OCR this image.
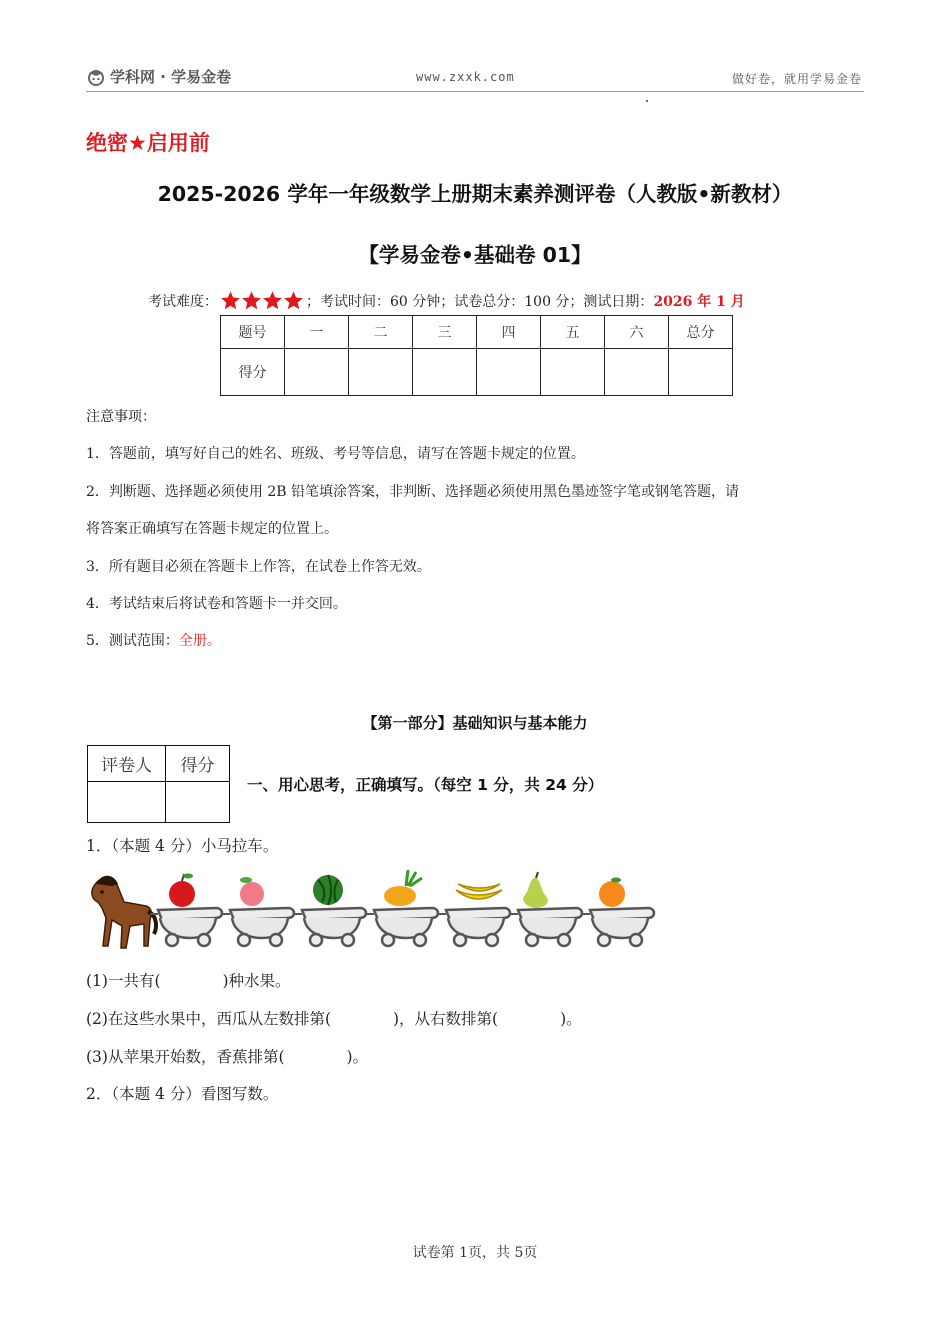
学科网 · 学易金卷	www.zxxk.com	做好卷，就用学易金卷
绝密★启用前
2025-2026 学年一年级数学上册期末素养测评卷（人教版•新教材）
【学易金卷•基础卷 01】
考试难度：	；考试时间：60 分钟；试卷总分：100 分；测试日期： 2026 年 1 月
题号	一	二	三	四	五	六	总分
得分							
注意事项：
1．答题前，填写好自己的姓名、班级、考号等信息，请写在答题卡规定的位置。
2．判断题、选择题必须使用 2B 铅笔填涂答案，非判断、选择题必须使用黑色墨迹签字笔或钢笔答题，请
将答案正确填写在答题卡规定的位置上。
3．所有题目必须在答题卡上作答，在试卷上作答无效。
4．考试结束后将试卷和答题卡一并交回。
5．测试范围：全册。
【第一部分】基础知识与基本能力
评卷人	得分

一、用心思考，正确填写。（每空 1 分，共 24 分）
1．（本题 4 分）小马拉车。
(1)一共有(　　　　)种水果。
(2)在这些水果中，西瓜从左数排第(　　　　)，从右数排第(　　　　)。
(3)从苹果开始数，香蕉排第(　　　　)。
2．（本题 4 分）看图写数。
试卷第 1页，共 5页
